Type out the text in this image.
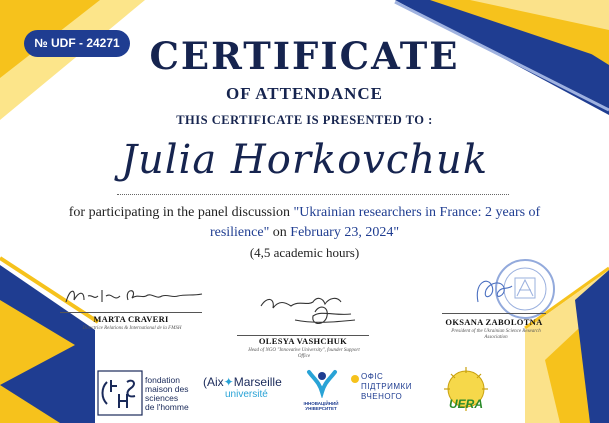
№ UDF - 24271 CERTIFICATE
OF ATTENDANCE
THIS CERTIFICATE IS PRESENTED TO :
Julia Horkovchuk
for participating in the panel discussion "Ukrainian researchers in France: 2 years of
resilience" on February 23, 2024"
(4,5 academic hours)
MARTA CRAVERI
Directrice Relations & International de la FMSH
OLESYA VASHCHUK
Head of NGO "Innovative University", founder Support Office
OKSANA ZABOLOTNA
President of the Ukrainian Science Research Association
fondation
maison des
sciences
de l'homme
(Aix✦Marseille
université
ІННОВАЦІЙНИЙ УНІВЕРСИТЕТ
ОФІС
ПІДТРИМКИ
ВЧЕНОГО
UERA
